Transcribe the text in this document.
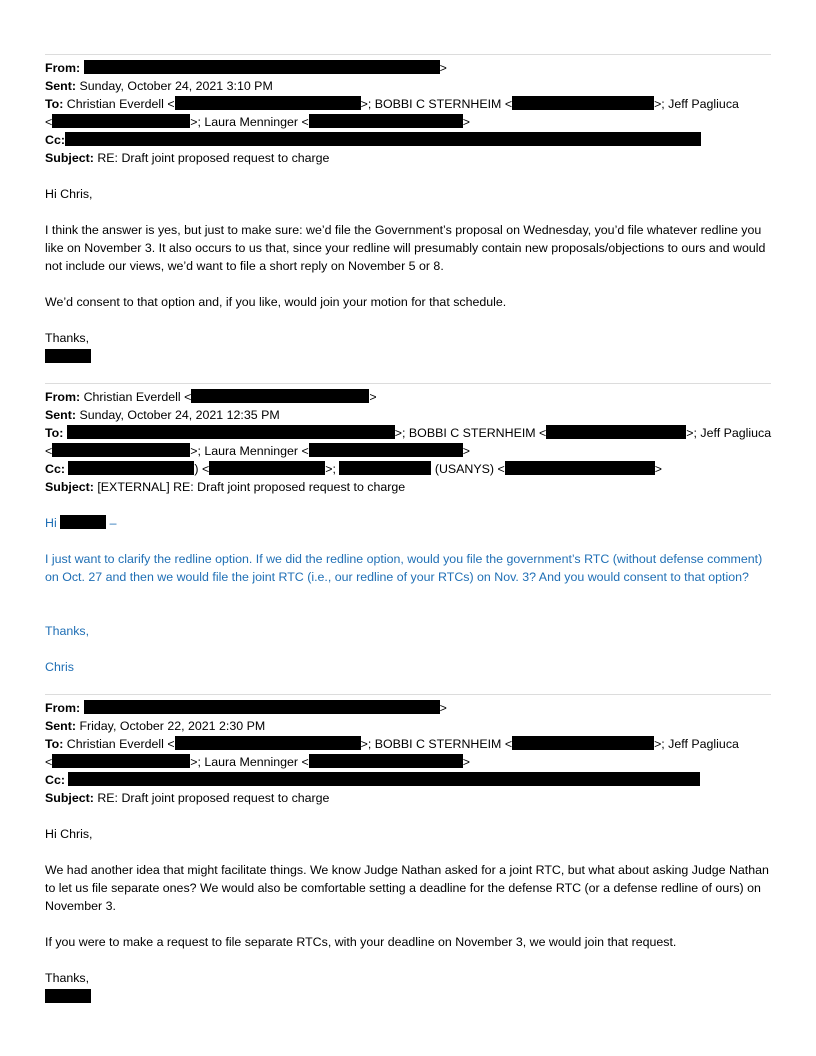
From:	>
Sent: Sunday, October 24, 2021 3:10 PM
To: Christian Everdell <	>; BOBBI C STERNHEIM <	>; Jeff Pagliuca
<	>; Laura Menninger <	>
Cc:
Subject: RE: Draft joint proposed request to charge
Hi Chris,
I think the answer is yes, but just to make sure: we’d file the Government’s proposal on Wednesday, you’d file whatever redline you like on November 3. It also occurs to us that, since your redline will presumably contain new proposals/objections to ours and would not include our views, we’d want to file a short reply on November 5 or 8.
We’d consent to that option and, if you like, would join your motion for that schedule.
Thanks,
From: Christian Everdell <	>
Sent: Sunday, October 24, 2021 12:35 PM
To:	>; BOBBI C STERNHEIM <	>; Jeff Pagliuca
<	>; Laura Menninger <	>
Cc:	) <	>;	(USANYS) <	>
Subject: [EXTERNAL] RE: Draft joint proposed request to charge
Hi	–
I just want to clarify the redline option. If we did the redline option, would you file the government’s RTC (without defense comment) on Oct. 27 and then we would file the joint RTC (i.e., our redline of your RTCs) on Nov. 3? And you would consent to that option?
Thanks,
Chris
From:	>
Sent: Friday, October 22, 2021 2:30 PM
To: Christian Everdell <	>; BOBBI C STERNHEIM <	>; Jeff Pagliuca
<	>; Laura Menninger <	>
Cc:
Subject: RE: Draft joint proposed request to charge
Hi Chris,
We had another idea that might facilitate things. We know Judge Nathan asked for a joint RTC, but what about asking Judge Nathan to let us file separate ones? We would also be comfortable setting a deadline for the defense RTC (or a defense redline of ours) on November 3.
If you were to make a request to file separate RTCs, with your deadline on November 3, we would join that request.
Thanks,
